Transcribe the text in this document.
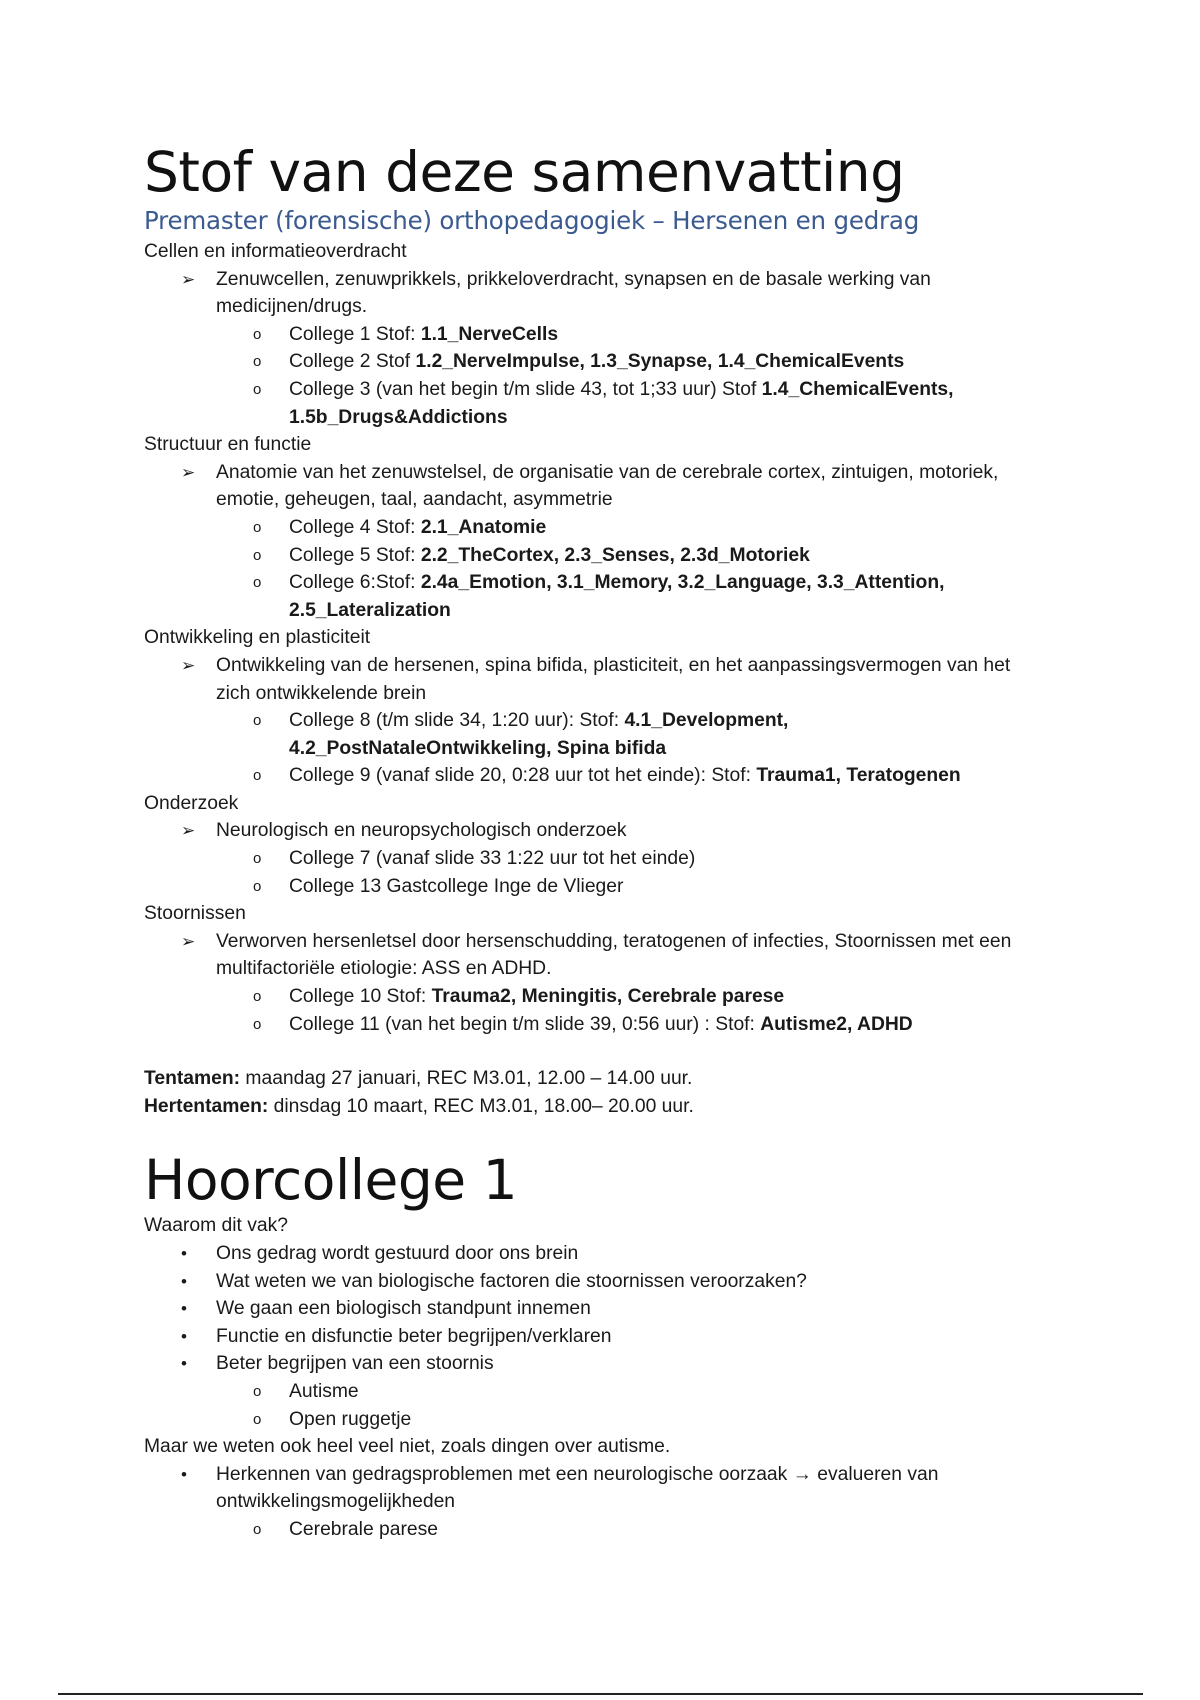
Stof van deze samenvatting
Premaster (forensische) orthopedagogiek – Hersenen en gedrag
Cellen en informatieoverdracht
➢ Zenuwcellen, zenuwprikkels, prikkeloverdracht, synapsen en de basale werking van
medicijnen/drugs.
o College 1 Stof: 1.1_NerveCells
o College 2 Stof 1.2_NerveImpulse, 1.3_Synapse, 1.4_ChemicalEvents
o College 3 (van het begin t/m slide 43, tot 1;33 uur) Stof 1.4_ChemicalEvents,
1.5b_Drugs&Addictions
Structuur en functie
➢ Anatomie van het zenuwstelsel, de organisatie van de cerebrale cortex, zintuigen, motoriek,
emotie, geheugen, taal, aandacht, asymmetrie
o College 4 Stof: 2.1_Anatomie
o College 5 Stof: 2.2_TheCortex, 2.3_Senses, 2.3d_Motoriek
o College 6:Stof: 2.4a_Emotion, 3.1_Memory, 3.2_Language, 3.3_Attention,
2.5_Lateralization
Ontwikkeling en plasticiteit
➢ Ontwikkeling van de hersenen, spina bifida, plasticiteit, en het aanpassingsvermogen van het
zich ontwikkelende brein
o College 8 (t/m slide 34, 1:20 uur): Stof: 4.1_Development,
4.2_PostNataleOntwikkeling, Spina bifida
o College 9 (vanaf slide 20, 0:28 uur tot het einde): Stof: Trauma1, Teratogenen
Onderzoek
➢ Neurologisch en neuropsychologisch onderzoek
o College 7 (vanaf slide 33 1:22 uur tot het einde)
o College 13 Gastcollege Inge de Vlieger
Stoornissen
➢ Verworven hersenletsel door hersenschudding, teratogenen of infecties, Stoornissen met een
multifactoriële etiologie: ASS en ADHD.
o College 10 Stof: Trauma2, Meningitis, Cerebrale parese
o College 11 (van het begin t/m slide 39, 0:56 uur) : Stof: Autisme2, ADHD
Tentamen: maandag 27 januari, REC M3.01, 12.00 – 14.00 uur.
Hertentamen: dinsdag 10 maart, REC M3.01, 18.00– 20.00 uur.
Hoorcollege 1
Waarom dit vak?
• Ons gedrag wordt gestuurd door ons brein
• Wat weten we van biologische factoren die stoornissen veroorzaken?
• We gaan een biologisch standpunt innemen
• Functie en disfunctie beter begrijpen/verklaren
• Beter begrijpen van een stoornis
o Autisme
o Open ruggetje
Maar we weten ook heel veel niet, zoals dingen over autisme.
• Herkennen van gedragsproblemen met een neurologische oorzaak → evalueren van
ontwikkelingsmogelijkheden
o Cerebrale parese
